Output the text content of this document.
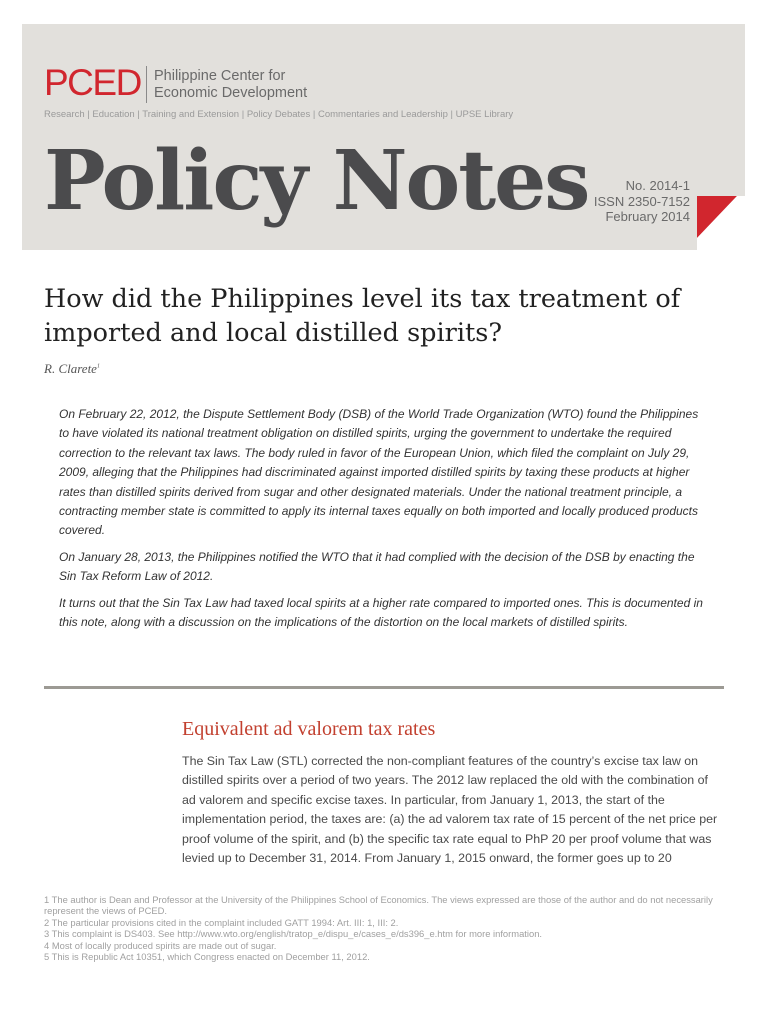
PCED Philippine Center for
Economic Development
Research | Education | Training and Extension | Policy Debates | Commentaries and Leadership | UPSE Library
Policy Notes	No. 2014-1
ISSN 2350-7152
February 2014
How did the Philippines level its tax treatment of imported and local distilled spirits?
R. Clarete$^1$

On February 22, 2012, the Dispute Settlement Body (DSB) of the World Trade Organization (WTO) found the Philippines to have violated its national treatment obligation on distilled spirits, urging the government to undertake the required correction to the relevant tax laws. The body ruled in favor of the European Union, which filed the complaint on July 29, 2009, alleging that the Philippines had discriminated against imported distilled spirits by taxing these products at higher rates than distilled spirits derived from sugar and other designated materials. Under the national treatment principle, a contracting member state is committed to apply its internal taxes equally on both imported and locally produced products covered.

On January 28, 2013, the Philippines notified the WTO that it had complied with the decision of the DSB by enacting the Sin Tax Reform Law of 2012.

It turns out that the Sin Tax Law had taxed local spirits at a higher rate compared to imported ones. This is documented in this note, along with a discussion on the implications of the distortion on the local markets of distilled spirits.

Equivalent ad valorem tax rates
The Sin Tax Law (STL) corrected the non-compliant features of the country’s excise tax law on distilled spirits over a period of two years. The 2012 law replaced the old with the combination of ad valorem and specific excise taxes. In particular, from January 1, 2013, the start of the implementation period, the taxes are: (a) the ad valorem tax rate of 15 percent of the net price per proof volume of the spirit, and (b) the specific tax rate equal to PhP 20 per proof volume that was levied up to December 31, 2014. From January 1, 2015 onward, the former goes up to 20
1 The author is Dean and Professor at the University of the Philippines School of Economics. The views expressed are those of the author and do not necessarily represent the views of PCED.
2 The particular provisions cited in the complaint included GATT 1994: Art. III: 1, III: 2.
3 This complaint is DS403. See http://www.wto.org/english/tratop_e/dispu_e/cases_e/ds396_e.htm for more information.
4 Most of locally produced spirits are made out of sugar.
5 This is Republic Act 10351, which Congress enacted on December 11, 2012.
